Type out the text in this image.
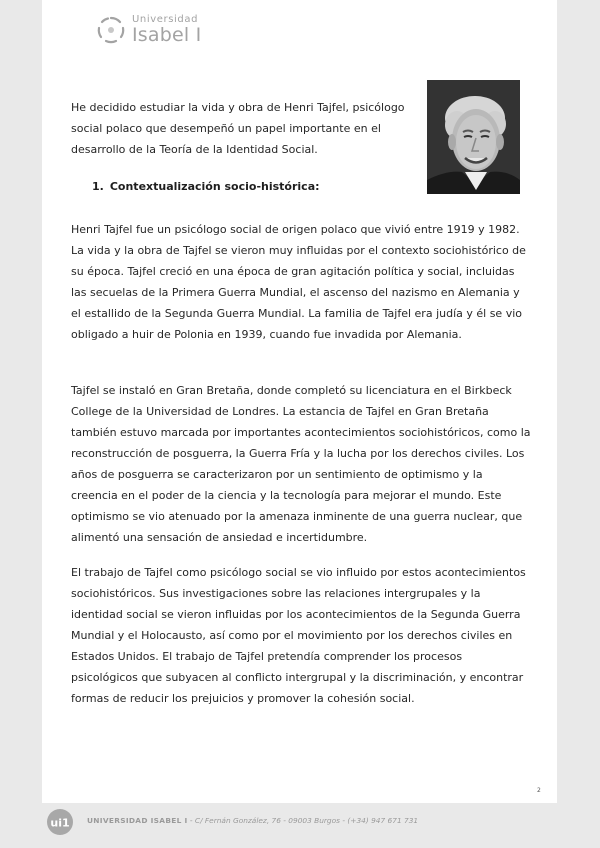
Universidad
Isabel I

He decidido estudiar la vida y obra de Henri Tajfel, psicólogo social polaco que desempeñó un papel importante en el desarrollo de la Teoría de la Identidad Social.

1. Contextualización socio-histórica:

Henri Tajfel fue un psicólogo social de origen polaco que vivió entre 1919 y 1982. La vida y la obra de Tajfel se vieron muy influidas por el contexto sociohistórico de su época. Tajfel creció en una época de gran agitación política y social, incluidas las secuelas de la Primera Guerra Mundial, el ascenso del nazismo en Alemania y el estallido de la Segunda Guerra Mundial. La familia de Tajfel era judía y él se vio obligado a huir de Polonia en 1939, cuando fue invadida por Alemania.

Tajfel se instaló en Gran Bretaña, donde completó su licenciatura en el Birkbeck College de la Universidad de Londres. La estancia de Tajfel en Gran Bretaña también estuvo marcada por importantes acontecimientos sociohistóricos, como la reconstrucción de posguerra, la Guerra Fría y la lucha por los derechos civiles. Los años de posguerra se caracterizaron por un sentimiento de optimismo y la creencia en el poder de la ciencia y la tecnología para mejorar el mundo. Este optimismo se vio atenuado por la amenaza inminente de una guerra nuclear, que alimentó una sensación de ansiedad e incertidumbre.

El trabajo de Tajfel como psicólogo social se vio influido por estos acontecimientos sociohistóricos. Sus investigaciones sobre las relaciones intergrupales y la identidad social se vieron influidas por los acontecimientos de la Segunda Guerra Mundial y el Holocausto, así como por el movimiento por los derechos civiles en Estados Unidos. El trabajo de Tajfel pretendía comprender los procesos psicológicos que subyacen al conflicto intergrupal y la discriminación, y encontrar formas de reducir los prejuicios y promover la cohesión social.

2
ui1 UNIVERSIDAD ISABEL I - C/ Fernán González, 76 - 09003 Burgos - (+34) 947 671 731
